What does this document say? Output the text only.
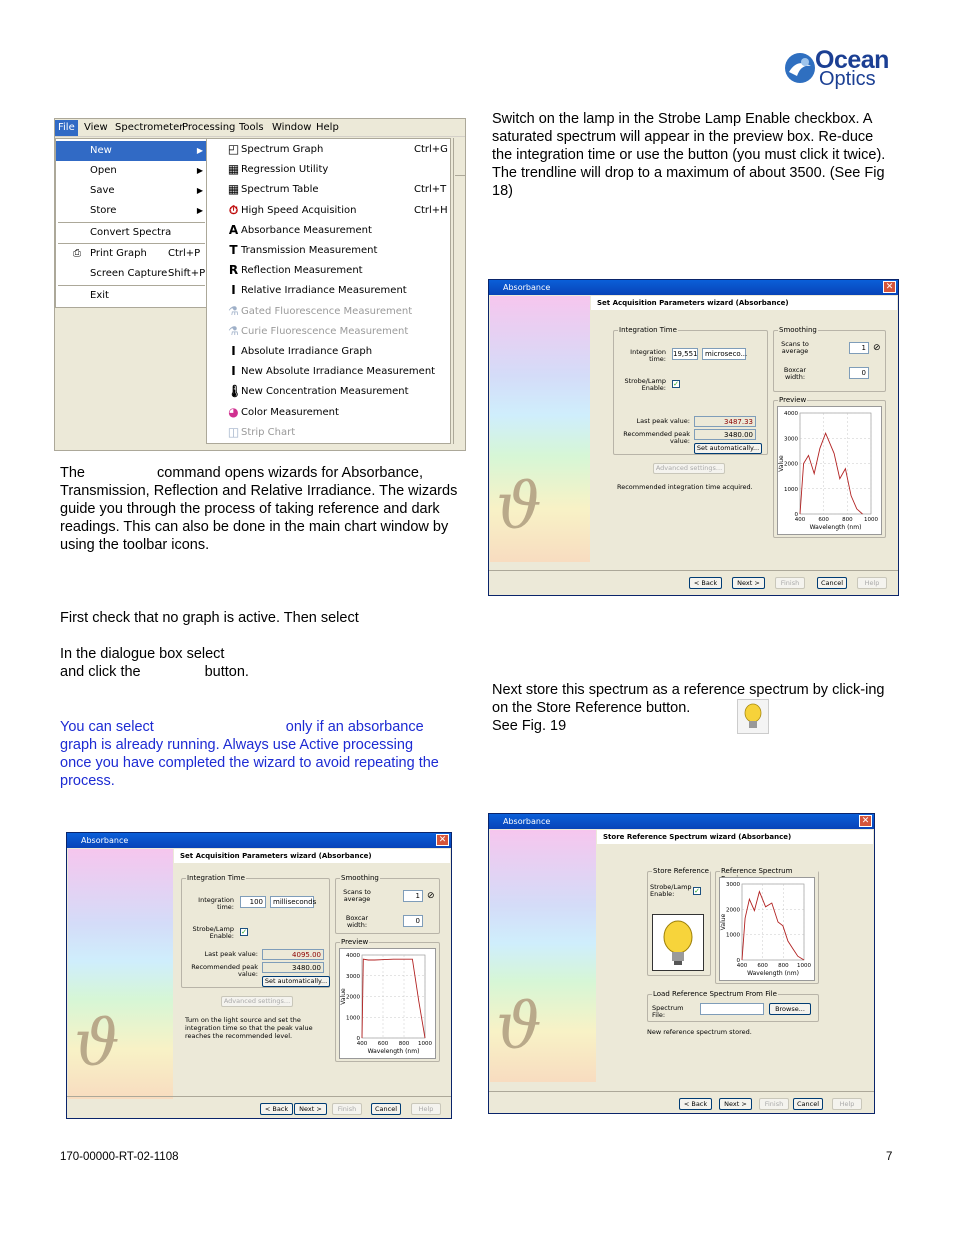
Ocean
Optics
File View Spectrometer
Processing Tools Window Help
New	▶
Open	▶
Save	▶
Store	▶
Convert Spectra
⎙ Print Graph Ctrl+P
Screen Capture Shift+P
Exit
◰ Spectrum Graph	Ctrl+G
▦ Regression Utility
▦ Spectrum Table	Ctrl+T
⏱ High Speed Acquisition	Ctrl+H
A Absorbance Measurement
T Transmission Measurement
R Reflection Measurement
I Relative Irradiance Measurement
⚗ Gated Fluorescence Measurement
⚗ Curie Fluorescence Measurement
I Absolute Irradiance Graph
I New Absolute Irradiance Measurement
🌡
New Concentration Measurement
◕ Color Measurement
◫ Strip Chart
The	command opens wizards for Absorbance, Transmission, Reflection and Relative Irradiance. The wizards guide you through the process of taking reference and dark readings. This can also be done in the main chart window by using the toolbar icons.
First check that no graph is active. Then select
In the dialogue box select
and click the	button.
You can select	only if an absorbance graph is already running. Always use Active processing once you have completed the wizard to avoid repeating the process.
Switch on the lamp in the Strobe Lamp Enable checkbox. A saturated spectrum will appear in the preview box. Re-duce the integration time or use the button (you must click it twice). The trendline will drop to a maximum of about 3500. (See Fig 18)
Next store this spectrum as a reference spectrum by click-ing on the Store Reference button.
See Fig. 19
Absorbance	✕
ϑ
Set Acquisition Parameters wizard (Absorbance)
< Back	Next >	Finish	Cancel	Help
Integration Time
Integration time:
100	milliseconds
Strobe/Lamp Enable: ✓
Last peak value:	4095.00
Recommended peak value:
3480.00
Set automatically...
Smoothing
Scans to average	1 ⊘
Boxcar width:	0
Advanced settings...
Turn on the light source and set the integration time so that the peak value reaches the recommended level.
Preview
4000
3000
2000
1000
0
400 600 800 1000
Wavelength (nm)
Value
Absorbance	✕
ϑ
Set Acquisition Parameters wizard (Absorbance)
< Back	Next >	Finish	Cancel	Help
Integration Time
Integration time:
19,551	microseco...
Strobe/Lamp Enable: ✓
Last peak value:	3487.33
Recommended peak value:
3480.00
Set automatically...
Smoothing
Scans to average	1 ⊘
Boxcar width:	0
Advanced settings...
Recommended integration time acquired.
Preview
4000
3000
2000
1000
0
400 600 800 1000
Wavelength (nm)
Value
Absorbance	✕
ϑ
Store Reference Spectrum wizard (Absorbance)
< Back	Next >	Finish	Cancel	Help
Store Reference
Strobe/Lamp Enable:	✓
Reference Spectrum
3000
2000
1000
0
400 600 800 1000
Wavelength (nm)
Value
Load Reference Spectrum From File
Spectrum File:
Browse...
New reference spectrum stored.
170-00000-RT-02-1108	7
